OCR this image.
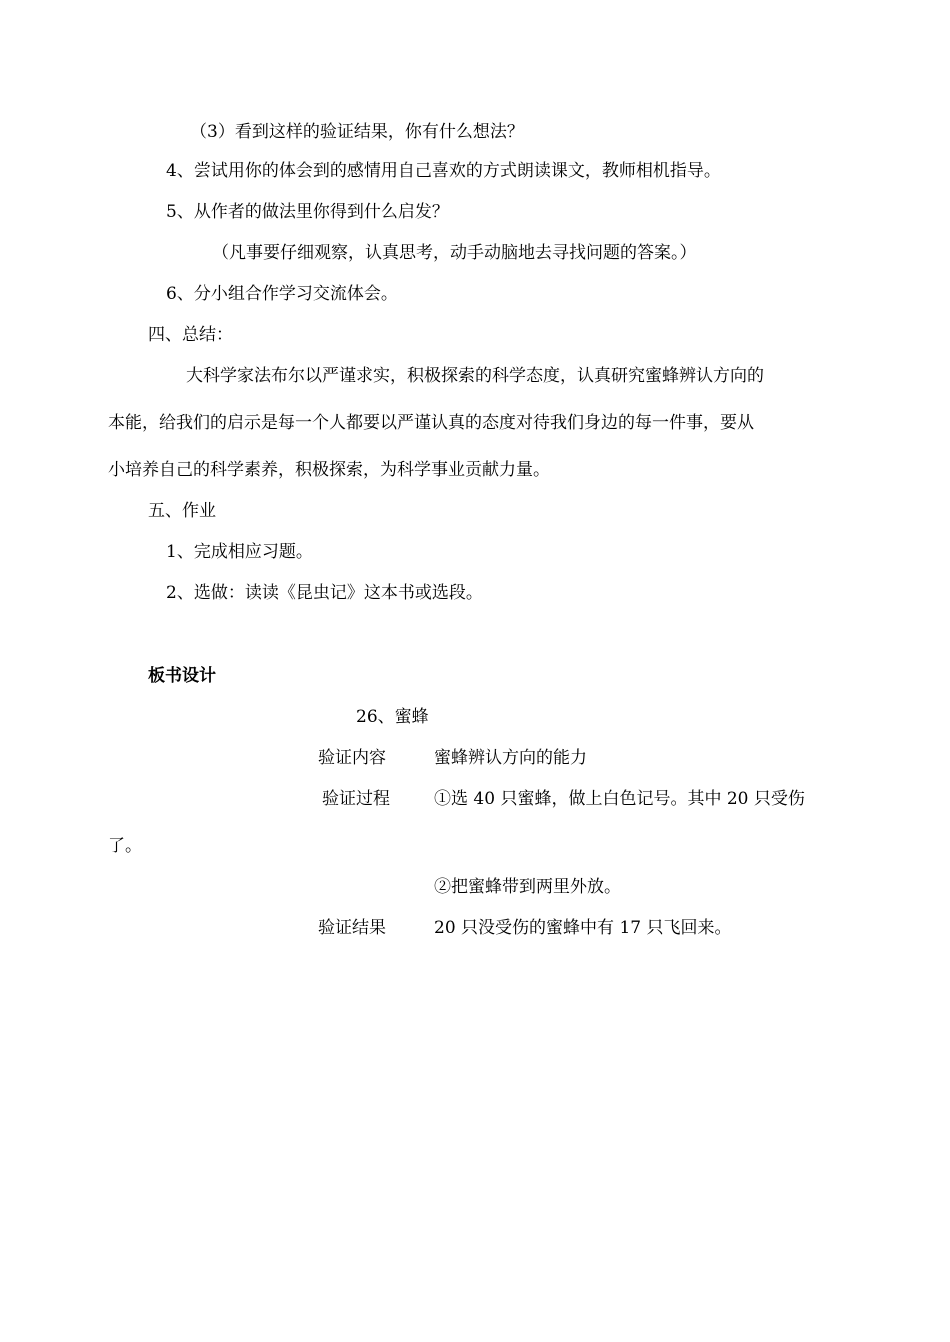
（3）看到这样的验证结果，你有什么想法？
4、尝试用你的体会到的感情用自己喜欢的方式朗读课文，教师相机指导。
5、从作者的做法里你得到什么启发？
（凡事要仔细观察，认真思考，动手动脑地去寻找问题的答案。）
6、分小组合作学习交流体会。
四、总结：
大科学家法布尔以严谨求实，积极探索的科学态度，认真研究蜜蜂辨认方向的
本能，给我们的启示是每一个人都要以严谨认真的态度对待我们身边的每一件事，要从
小培养自己的科学素养，积极探索，为科学事业贡献力量。
五、作业
1、完成相应习题。
2、选做：读读《昆虫记》这本书或选段。
板书设计
26、蜜蜂
验证内容	蜜蜂辨认方向的能力
验证过程	①选 40 只蜜蜂，做上白色记号。其中 20 只受伤
了。
②把蜜蜂带到两里外放。
验证结果	20 只没受伤的蜜蜂中有 17 只飞回来。
